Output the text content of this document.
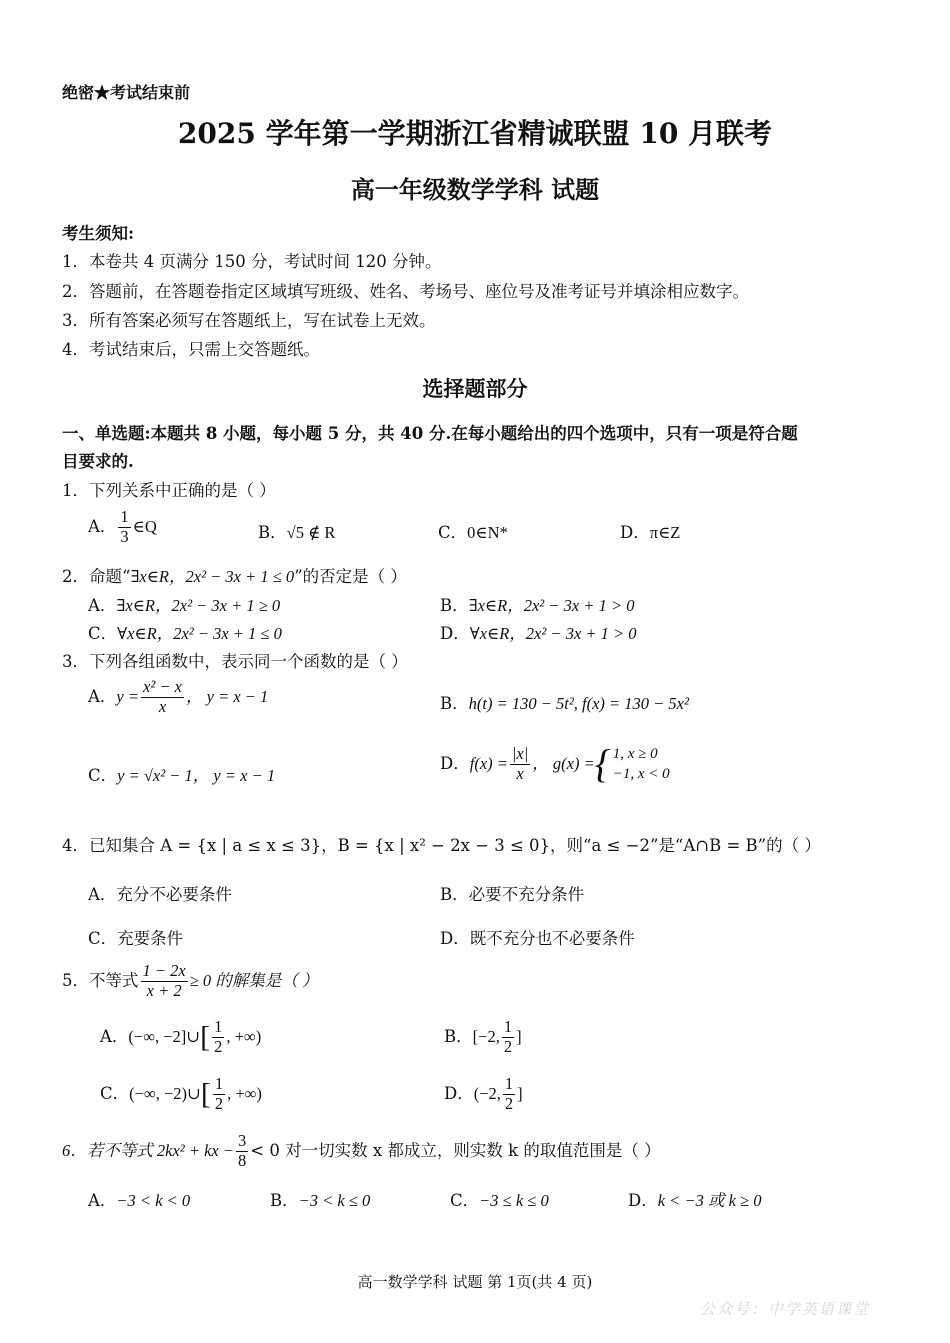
绝密★考试结束前
2025 学年第一学期浙江省精诚联盟 10 月联考
高一年级数学学科 试题
考生须知:
1．本卷共 4 页满分 150 分，考试时间 120 分钟。
2．答题前，在答题卷指定区域填写班级、姓名、考场号、座位号及准考证号并填涂相应数字。
3．所有答案必须写在答题纸上，写在试卷上无效。
4．考试结束后，只需上交答题纸。
选择题部分
一、单选题:本题共 8 小题，每小题 5 分，共 40 分.在每小题给出的四个选项中，只有一项是符合题
目要求的.
1．下列关系中正确的是（ ）
A． $\frac{1}{3}$ ∈Q	B．√5 ∉ R	C．0∈N*	D．π∈Z
2．命题“∃x∈R，2x² − 3x + 1 ≤ 0”的否定是（ ）
A．∃x∈R，2x² − 3x + 1 ≥ 0	B．∃x∈R，2x² − 3x + 1 > 0
C．∀x∈R，2x² − 3x + 1 ≤ 0	D．∀x∈R，2x² − 3x + 1 > 0
3．下列各组函数中，表示同一个函数的是（ ）
A．$y = \frac{\text{x² − x}}{x}$ ， y = x − 1	B．h(t) = 130 − 5t², f(x) = 130 − 5x²
C．y = √x² − 1， y = x − 1
D．$f(x) = \frac{|x|}{x}$ ， g(x) = { 1, x ≥ 0
−1, x < 0
4．已知集合 A = {x | a ≤ x ≤ 3}，B = {x | x² − 2x − 3 ≤ 0}，则“a ≤ −2”是“A∩B = B”的（ ）
A．充分不必要条件	B．必要不充分条件
C．充要条件	D．既不充分也不必要条件
5．不等式 $\frac{1 - 2x}{x + 2} \ge 0$ 的解集是（ ）
A．(−∞, −2]∪[ $\frac{1}{2}$ , +∞)	B．[−2, $\frac{1}{2}$ ]
C．(−∞, −2)∪[ $\frac{1}{2}$ , +∞)	D．(−2, $\frac{1}{2}$ ]
6．若不等式 2kx² + kx − $\frac{3}{8} < 0$ 对一切实数 x 都成立，则实数 k 的取值范围是（ ）
A．−3 < k < 0	B．−3 < k ≤ 0	C．−3 ≤ k ≤ 0	D．k < −3 或 k ≥ 0
高一数学学科 试题 第 1页(共 4 页)
公众号：中学英语课堂
